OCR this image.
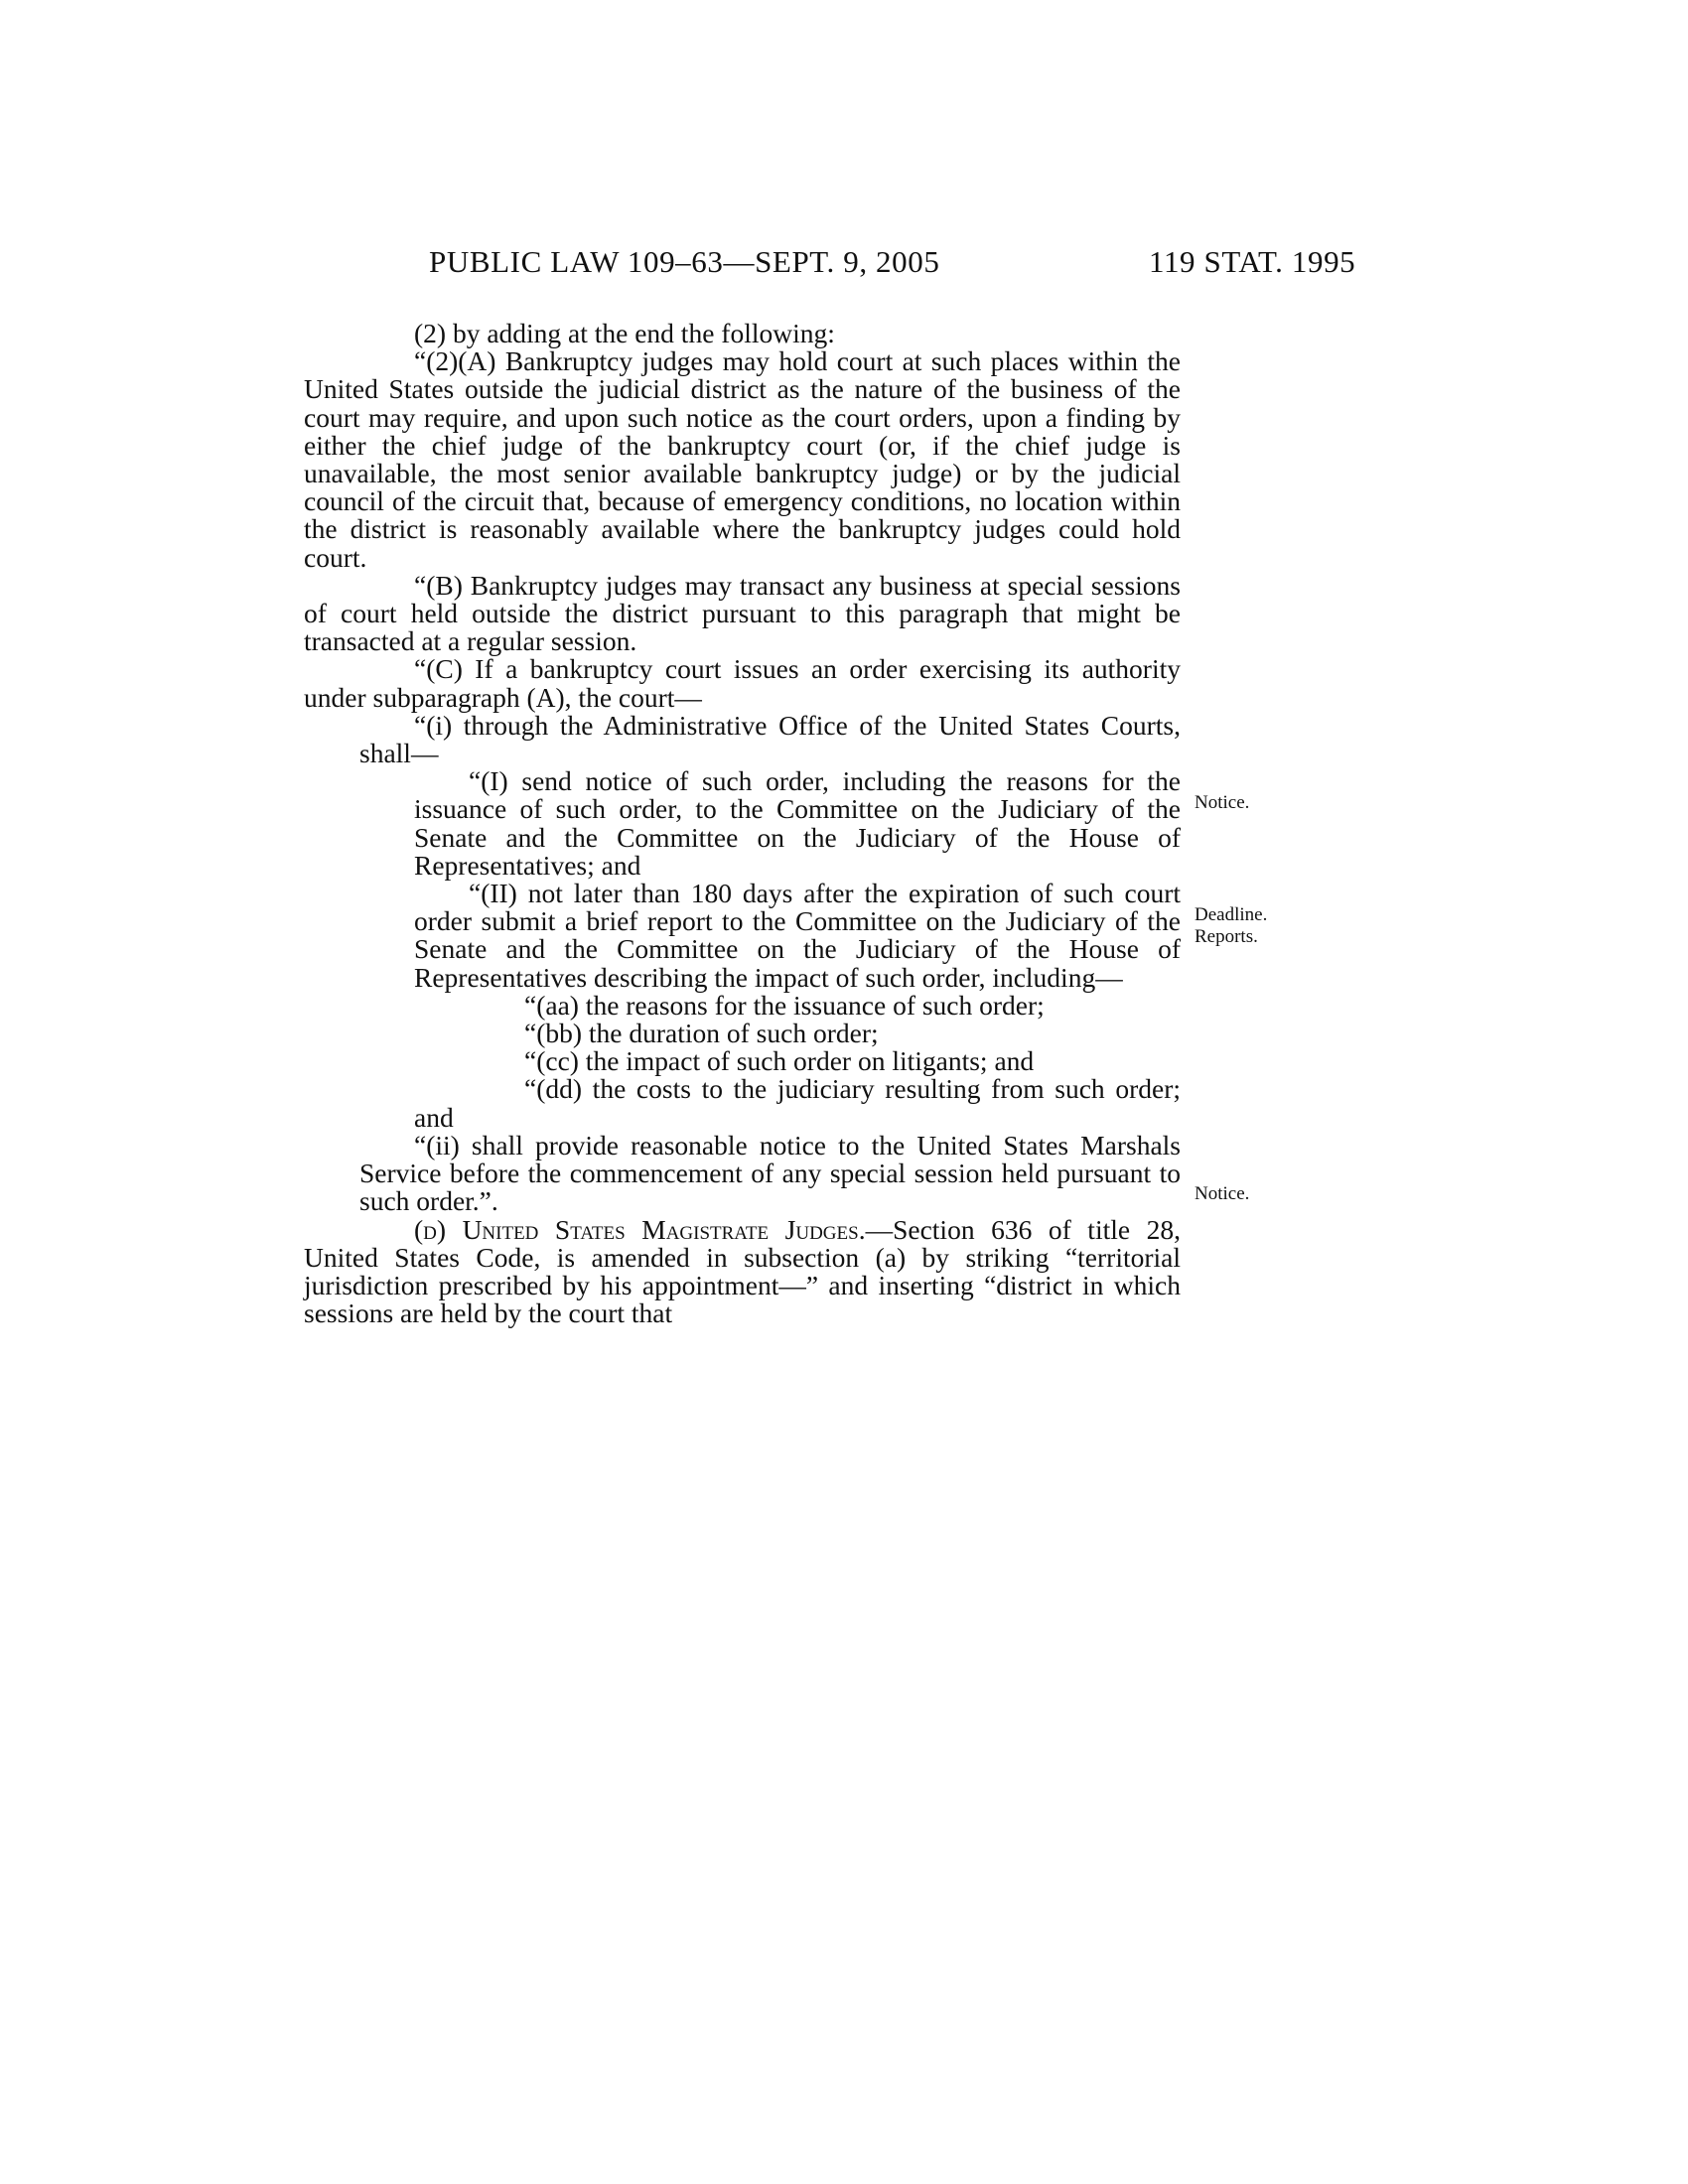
PUBLIC LAW 109–63—SEPT. 9, 2005	119 STAT. 1995

(2) by adding at the end the following:

“(2)(A) Bankruptcy judges may hold court at such places within the United States outside the judicial district as the nature of the business of the court may require, and upon such notice as the court orders, upon a finding by either the chief judge of the bankruptcy court (or, if the chief judge is unavailable, the most senior available bankruptcy judge) or by the judicial council of the circuit that, because of emergency conditions, no location within the district is reasonably available where the bankruptcy judges could hold court.

“(B) Bankruptcy judges may transact any business at special sessions of court held outside the district pursuant to this paragraph that might be transacted at a regular session.

“(C) If a bankruptcy court issues an order exercising its authority under subparagraph (A), the court—

“(i) through the Administrative Office of the United States Courts, shall—

“(I) send notice of such order, including the reasons for the issuance of such order, to the Committee on the Judiciary of the Senate and the Committee on the Judiciary of the House of Representatives; and

“(II) not later than 180 days after the expiration of such court order submit a brief report to the Committee on the Judiciary of the Senate and the Committee on the Judiciary of the House of Representatives describing the impact of such order, including—

“(aa) the reasons for the issuance of such order;

“(bb) the duration of such order;

“(cc) the impact of such order on litigants; and

“(dd) the costs to the judiciary resulting from such order; and

“(ii) shall provide reasonable notice to the United States Marshals Service before the commencement of any special session held pursuant to such order.”.

(d) United States Magistrate Judges.—Section 636 of title 28, United States Code, is amended in subsection (a) by striking “territorial jurisdiction prescribed by his appointment—” and inserting “district in which sessions are held by the court that

Notice.
Deadline.
Reports.
Notice.
